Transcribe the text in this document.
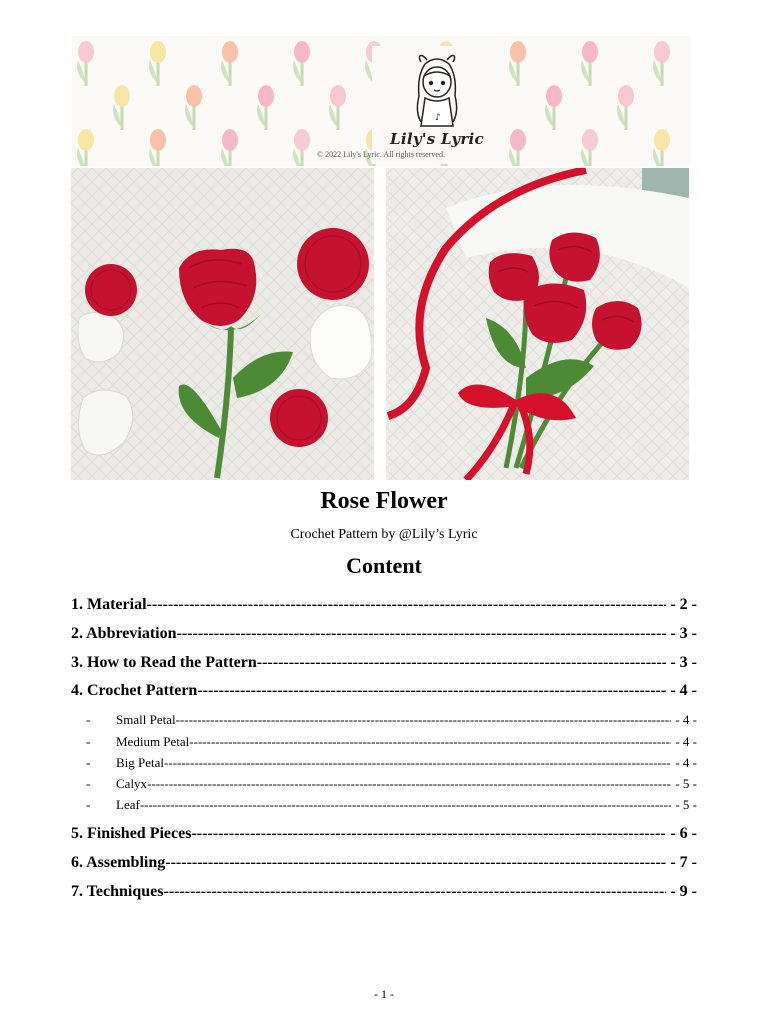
♪
Lily's Lyric
© 2022 Lily's Lyric. All rights reserved.
Rose Flower
Crochet Pattern by @Lily’s Lyric
Content
1. Material -----	- 2 -
2. Abbreviation -----	- 3 -
3. How to Read the Pattern -----	- 3 -
4. Crochet Pattern -----	- 4 -
-	Small Petal -----	- 4 -
-	Medium Petal -----	- 4 -
-	Big Petal -----	- 4 -
-	Calyx -----	- 5 -
-	Leaf -----	- 5 -
5. Finished Pieces -----	- 6 -
6. Assembling -----	- 7 -
7. Techniques -----	- 9 -
- 1 -
